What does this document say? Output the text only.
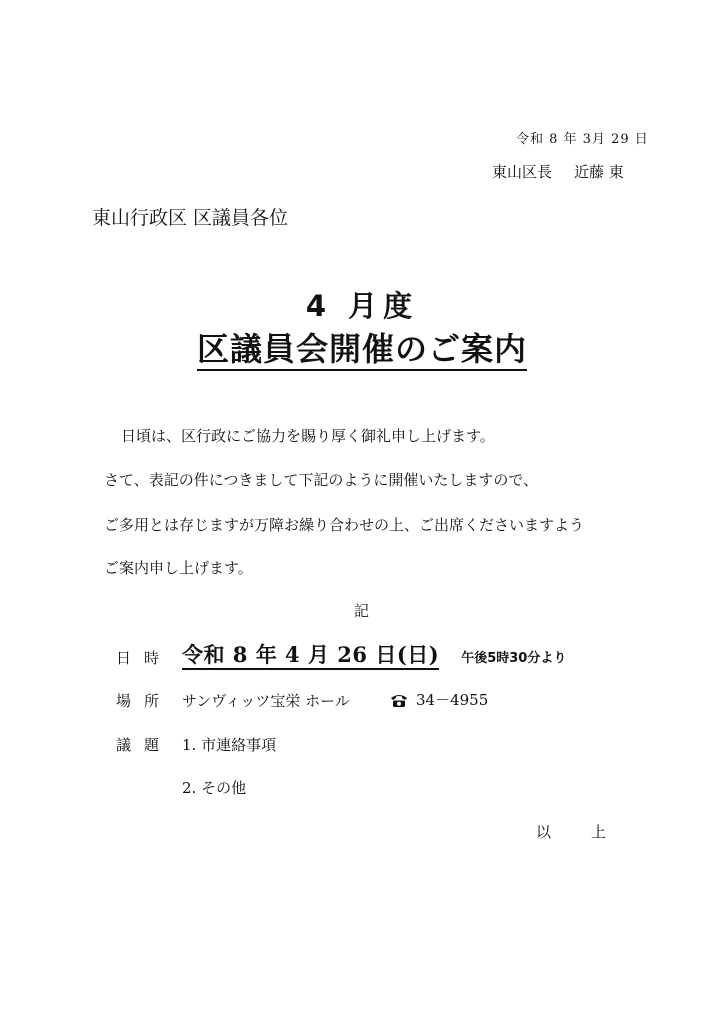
令和 8 年 3月 29 日
東山区長 近藤 東
東山行政区 区議員各位
4 月度
区議員会開催のご案内
日頃は、区行政にご協力を賜り厚く御礼申し上げます。
さて、表記の件につきまして下記のように開催いたしますので、
ご多用とは存じますが万障お繰り合わせの上、ご出席くださいますよう
ご案内申し上げます。
記
日時 令和 8 年 4 月 26 日(日) 午後5時30分より
場所 サンヴィッツ宝栄 ホール	34－4955
議題 1. 市連絡事項
2. その他
以上
